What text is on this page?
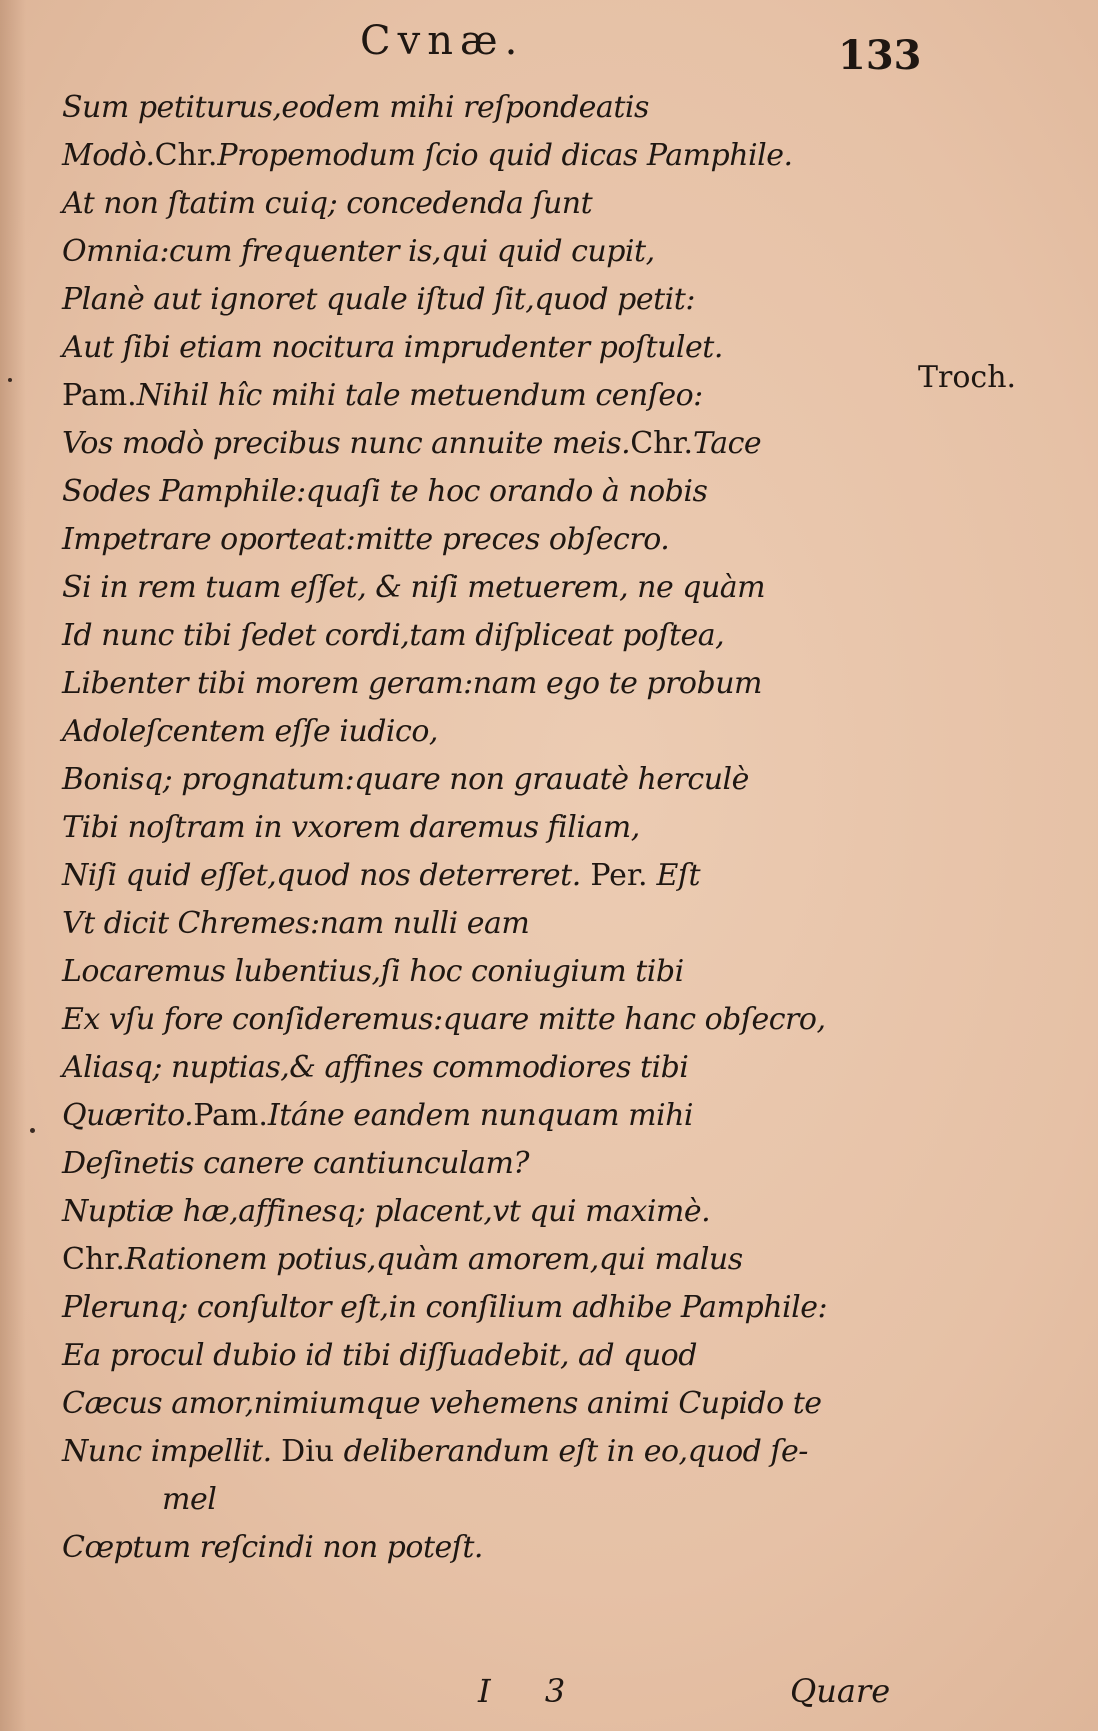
Cvnæ.	133
Sum petiturus,eodem mihi reſpondeatis
Modò.Chr.Propemodum ſcio quid dicas Pamphile.
At non ſtatim cuiq; concedenda ſunt
Omnia:cum frequenter is,qui quid cupit,
Planè aut ignoret quale iſtud ſit,quod petit:
Aut ſibi etiam nocitura imprudenter poſtulet.
Pam.Nihil hîc mihi tale metuendum cenſeo:
Vos modò precibus nunc annuite meis.Chr.Tace
Sodes Pamphile:quaſi te hoc orando à nobis
Impetrare oporteat:mitte preces obſecro.
Si in rem tuam eſſet, & niſi metuerem, ne quàm
Id nunc tibi ſedet cordi,tam diſpliceat poſtea,
Libenter tibi morem geram:nam ego te probum
Adoleſcentem eſſe iudico,
Bonisq; prognatum:quare non grauatè herculè
Tibi noſtram in vxorem daremus filiam,
Niſi quid eſſet,quod nos deterreret. Per. Eſt
Vt dicit Chremes:nam nulli eam
Locaremus lubentius,ſi hoc coniugium tibi
Ex vſu fore conſideremus:quare mitte hanc obſecro,
Aliasq; nuptias,& affines commodiores tibi
Quærito.Pam.Itáne eandem nunquam mihi
Deſinetis canere cantiunculam?
Nuptiæ hæ,affinesq; placent,vt qui maximè.
Chr.Rationem potius,quàm amorem,qui malus
Plerunq; conſultor eſt,in conſilium adhibe Pamphile:
Ea procul dubio id tibi diſſuadebit, ad quod
Cæcus amor,nimiumque vehemens animi Cupido te
Nunc impellit. Diu deliberandum eſt in eo,quod ſe-
mel
Cœptum reſcindi non poteſt.
Troch.
I 3	Quare
